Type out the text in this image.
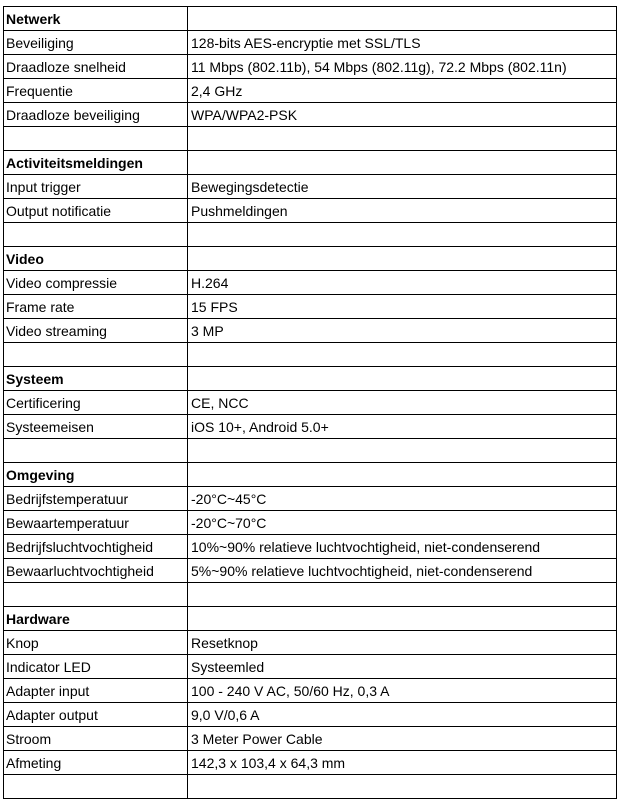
Netwerk	
Beveiliging	128-bits AES-encryptie met SSL/TLS
Draadloze snelheid	11 Mbps (802.11b), 54 Mbps (802.11g), 72.2 Mbps (802.11n)
Frequentie	2,4 GHz
Draadloze beveiliging	WPA/WPA2-PSK

Activiteitsmeldingen	
Input trigger	Bewegingsdetectie
Output notificatie	Pushmeldingen

Video	
Video compressie	H.264
Frame rate	15 FPS
Video streaming	3 MP

Systeem	
Certificering	CE, NCC
Systeemeisen	iOS 10+, Android 5.0+

Omgeving	
Bedrijfstemperatuur	-20°C~45°C
Bewaartemperatuur	-20°C~70°C
Bedrijfsluchtvochtigheid	10%~90% relatieve luchtvochtigheid, niet-condenserend
Bewaarluchtvochtigheid	5%~90% relatieve luchtvochtigheid, niet-condenserend

Hardware	
Knop	Resetknop
Indicator LED	Systeemled
Adapter input	100 - 240 V AC, 50/60 Hz, 0,3 A
Adapter output	9,0 V/0,6 A
Stroom	3 Meter Power Cable
Afmeting	142,3 x 103,4 x 64,3 mm
